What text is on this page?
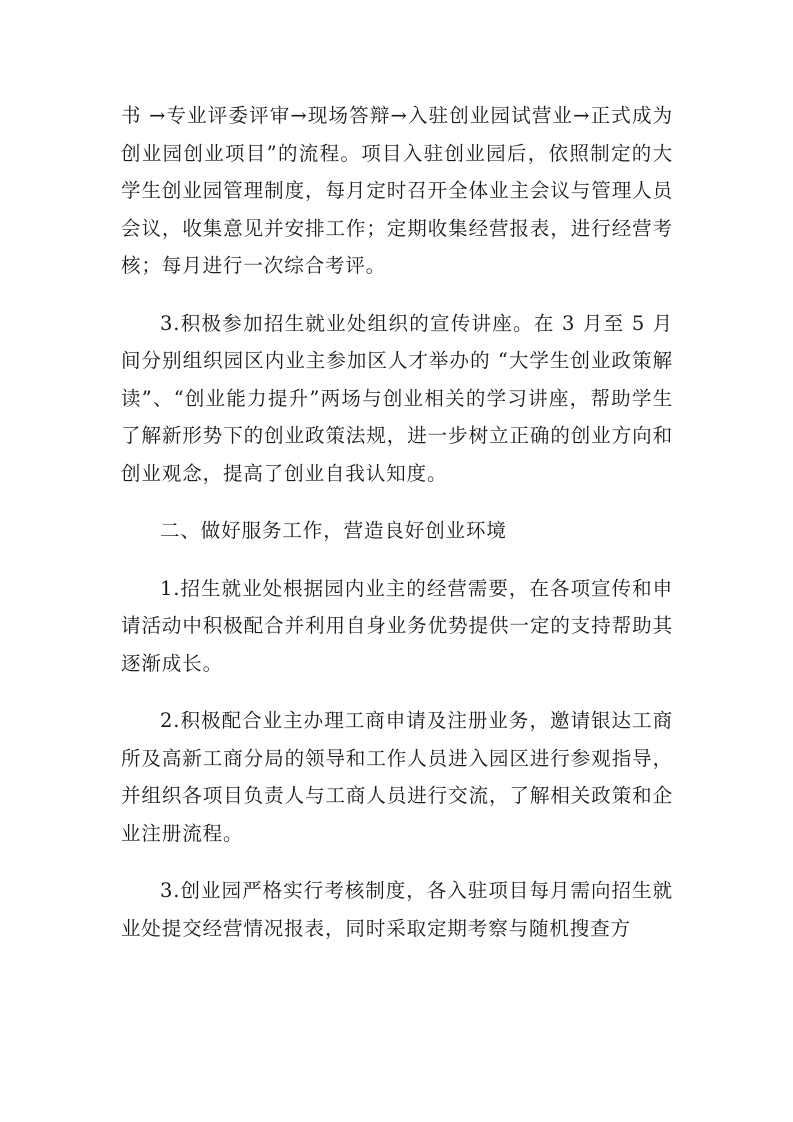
书 →专业评委评审→现场答辩→入驻创业园试营业→正式成为创业园创业项目”的流程。项目入驻创业园后，依照制定的大学生创业园管理制度，每月定时召开全体业主会议与管理人员会议，收集意见并安排工作；定期收集经营报表，进行经营考核；每月进行一次综合考评。

3.积极参加招生就业处组织的宣传讲座。在 3 月至 5 月间分别组织园区内业主参加区人才举办的 “大学生创业政策解读”、“创业能力提升”两场与创业相关的学习讲座，帮助学生了解新形势下的创业政策法规，进一步树立正确的创业方向和创业观念，提高了创业自我认知度。

二、做好服务工作，营造良好创业环境

1.招生就业处根据园内业主的经营需要，在各项宣传和申请活动中积极配合并利用自身业务优势提供一定的支持帮助其逐渐成长。

2.积极配合业主办理工商申请及注册业务，邀请银达工商所及高新工商分局的领导和工作人员进入园区进行参观指导，并组织各项目负责人与工商人员进行交流，了解相关政策和企业注册流程。

3.创业园严格实行考核制度，各入驻项目每月需向招生就业处提交经营情况报表，同时采取定期考察与随机搜查方
